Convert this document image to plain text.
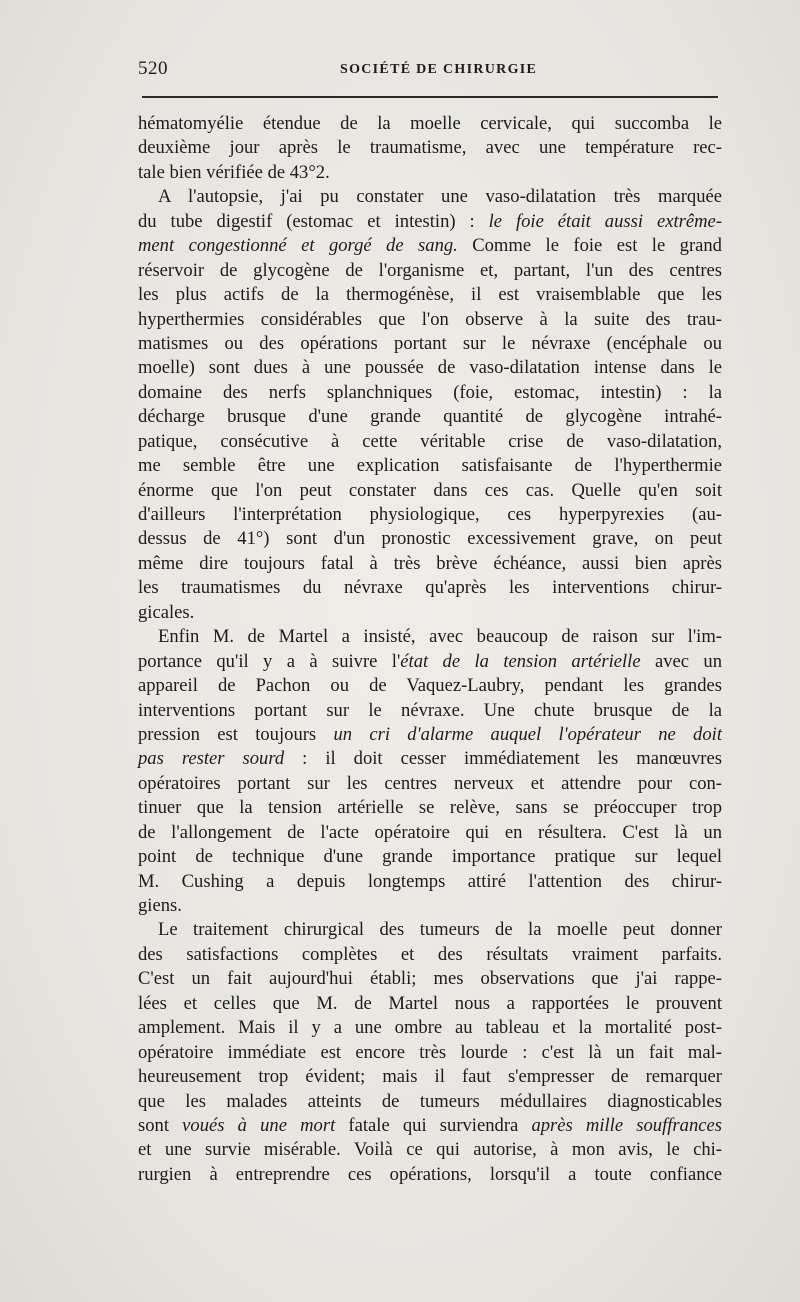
520	SOCIÉTÉ DE CHIRURGIE
hématomyélie étendue de la moelle cervicale, qui succomba le
deuxième jour après le traumatisme, avec une température rec-
tale bien vérifiée de 43°2.
A l'autopsie, j'ai pu constater une vaso-dilatation très marquée
du tube digestif (estomac et intestin) : le foie était aussi extrême-
ment congestionné et gorgé de sang. Comme le foie est le grand
réservoir de glycogène de l'organisme et, partant, l'un des centres
les plus actifs de la thermogénèse, il est vraisemblable que les
hyperthermies considérables que l'on observe à la suite des trau-
matismes ou des opérations portant sur le névraxe (encéphale ou
moelle) sont dues à une poussée de vaso-dilatation intense dans le
domaine des nerfs splanchniques (foie, estomac, intestin) : la
décharge brusque d'une grande quantité de glycogène intrahé-
patique, consécutive à cette véritable crise de vaso-dilatation,
me semble être une explication satisfaisante de l'hyperthermie
énorme que l'on peut constater dans ces cas. Quelle qu'en soit
d'ailleurs l'interprétation physiologique, ces hyperpyrexies (au-
dessus de 41°) sont d'un pronostic excessivement grave, on peut
même dire toujours fatal à très brève échéance, aussi bien après
les traumatismes du névraxe qu'après les interventions chirur-
gicales.
Enfin M. de Martel a insisté, avec beaucoup de raison sur l'im-
portance qu'il y a à suivre l'état de la tension artérielle avec un
appareil de Pachon ou de Vaquez-Laubry, pendant les grandes
interventions portant sur le névraxe. Une chute brusque de la
pression est toujours un cri d'alarme auquel l'opérateur ne doit
pas rester sourd : il doit cesser immédiatement les manœuvres
opératoires portant sur les centres nerveux et attendre pour con-
tinuer que la tension artérielle se relève, sans se préoccuper trop
de l'allongement de l'acte opératoire qui en résultera. C'est là un
point de technique d'une grande importance pratique sur lequel
M. Cushing a depuis longtemps attiré l'attention des chirur-
giens.
Le traitement chirurgical des tumeurs de la moelle peut donner
des satisfactions complètes et des résultats vraiment parfaits.
C'est un fait aujourd'hui établi; mes observations que j'ai rappe-
lées et celles que M. de Martel nous a rapportées le prouvent
amplement. Mais il y a une ombre au tableau et la mortalité post-
opératoire immédiate est encore très lourde : c'est là un fait mal-
heureusement trop évident; mais il faut s'empresser de remarquer
que les malades atteints de tumeurs médullaires diagnosticables
sont voués à une mort fatale qui surviendra après mille souffrances
et une survie misérable. Voilà ce qui autorise, à mon avis, le chi-
rurgien à entreprendre ces opérations, lorsqu'il a toute confiance
